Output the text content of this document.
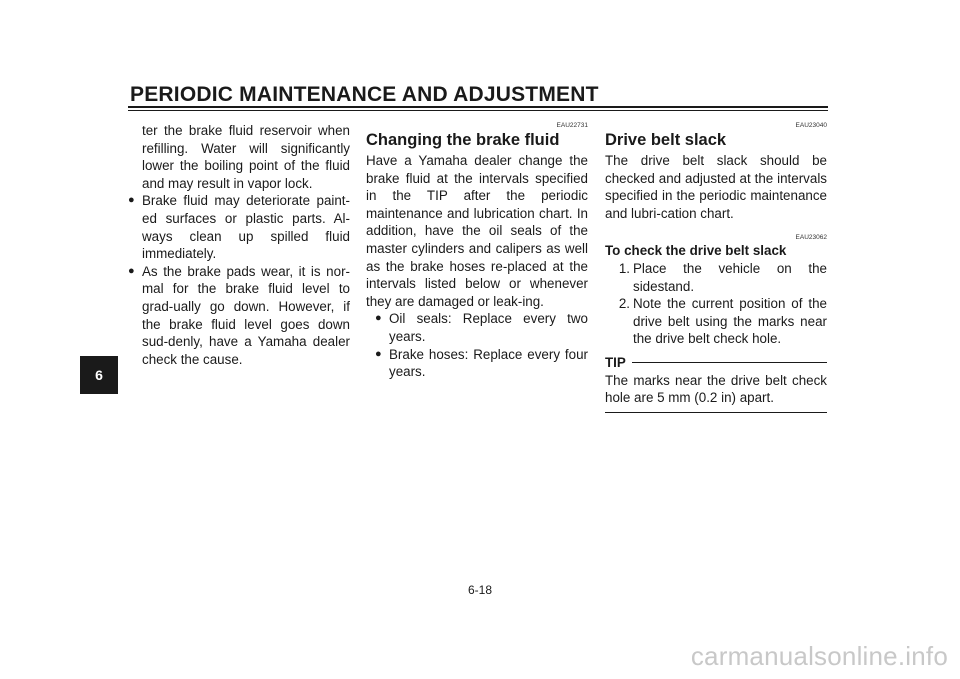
PERIODIC MAINTENANCE AND ADJUSTMENT
6

ter the brake fluid reservoir when refilling. Water will significantly lower the boiling point of the fluid and may result in vapor lock.

● Brake fluid may deteriorate paint-ed surfaces or plastic parts. Al-ways clean up spilled fluid immediately.
● As the brake pads wear, it is nor-mal for the brake fluid level to grad-ually go down. However, if the brake fluid level goes down sud-denly, have a Yamaha dealer check the cause.

EAU22731

Changing the brake fluid

Have a Yamaha dealer change the brake fluid at the intervals specified in the TIP after the periodic maintenance and lubrication chart. In addition, have the oil seals of the master cylinders and calipers as well as the brake hoses re-placed at the intervals listed below or whenever they are damaged or leak-ing.

● Oil seals: Replace every two years.
● Brake hoses: Replace every four years.

EAU23040

Drive belt slack

The drive belt slack should be checked and adjusted at the intervals specified in the periodic maintenance and lubri-cation chart.

EAU23062

To check the drive belt slack
1. Place the vehicle on the sidestand.
2. Note the current position of the drive belt using the marks near the drive belt check hole.
TIP

The marks near the drive belt check hole are 5 mm (0.2 in) apart.

6-18
carmanualsonline.info
